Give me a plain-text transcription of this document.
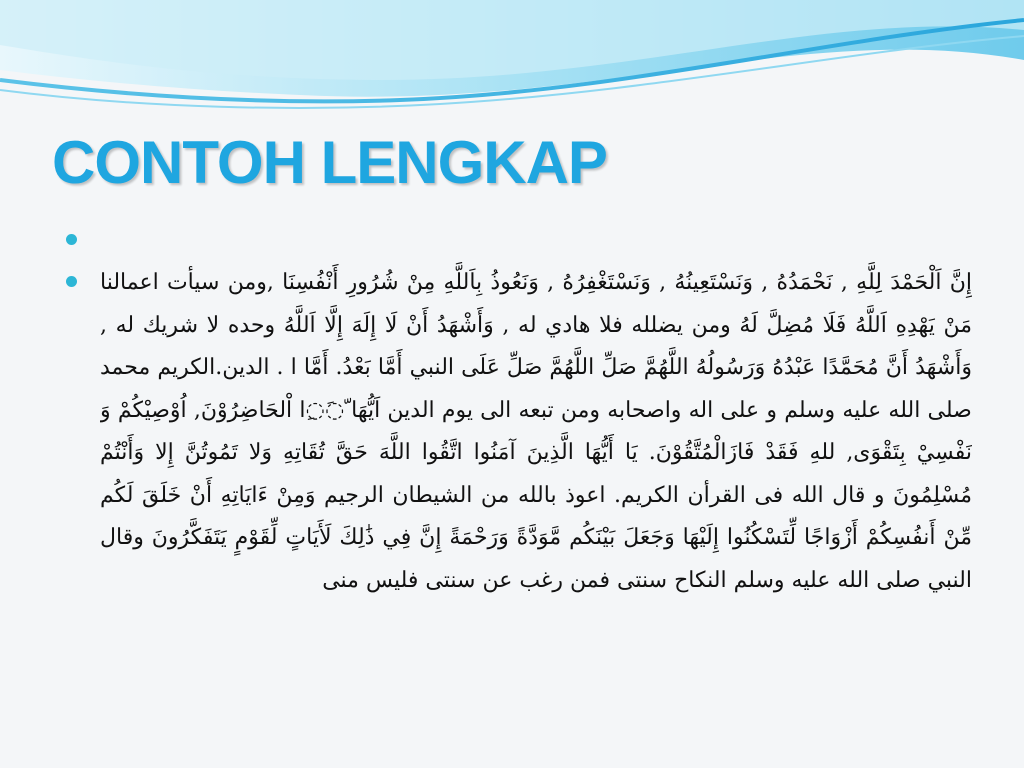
CONTOH LENGKAP

إِنَّ اَلْحَمْدَ لِلَّهِ , نَحْمَدُهُ , وَنَسْتَعِينُهُ , وَنَسْتَغْفِرُهُ , وَنَعُوذُ بِاَللَّهِ مِنْ شُرُورِ أَنْفُسِنَا ,ومن سيأت اعمالنا مَنْ يَهْدِهِ اَللَّهُ فَلَا مُضِلَّ لَهُ ومن يضلله فلا هادي له , وَأَشْهَدُ أَنْ لَا إِلَهَ إِلَّا اَللَّهُ وحده لا شريك له , وَأَشْهَدُ أَنَّ مُحَمَّدًا عَبْدُهُ وَرَسُولُهُ اللَّهُمَّ صَلِّ اللَّهُمَّ صَلِّ عَلَى النبي أَمَّا بَعْدُ. أَمَّا ا . الدين.الكريم محمد صلى الله عليه وسلم و على اله واصحابه ومن تبعه الى يوم الدين اَيُّهَا ّ◌َ◌ِا اْلحَاضِرُوْنَ, اُوْصِيْكُمْ وَ نَفْسِيْ بِتَقْوَى, للهِ فَقَدْ فَازَالْمُتَّقُوْنَ. يَا أَيُّهَا الَّذِينَ آمَنُوا اتَّقُوا اللَّهَ حَقَّ تُقَاتِهِ وَلا تَمُوتُنَّ إِلا وَأَنْتُمْ مُسْلِمُونَ و قال الله فى القرأن الكريم. اعوذ بالله من الشيطان الرجيم وَمِنْ ءَايَاتِهِ أَنْ خَلَقَ لَكُم مِّنْ أَنفُسِكُمْ أَزْوَاجًا لِّتَسْكُنُوا إِلَيْهَا وَجَعَلَ بَيْنَكُم مَّوَدَّةً وَرَحْمَةً إِنَّ فِي ذَٰلِكَ لَأَيَاتٍ لِّقَوْمٍ يَتَفَكَّرُونَ وقال النبي صلى الله عليه وسلم النكاح سنتى فمن رغب عن سنتى فليس منى
